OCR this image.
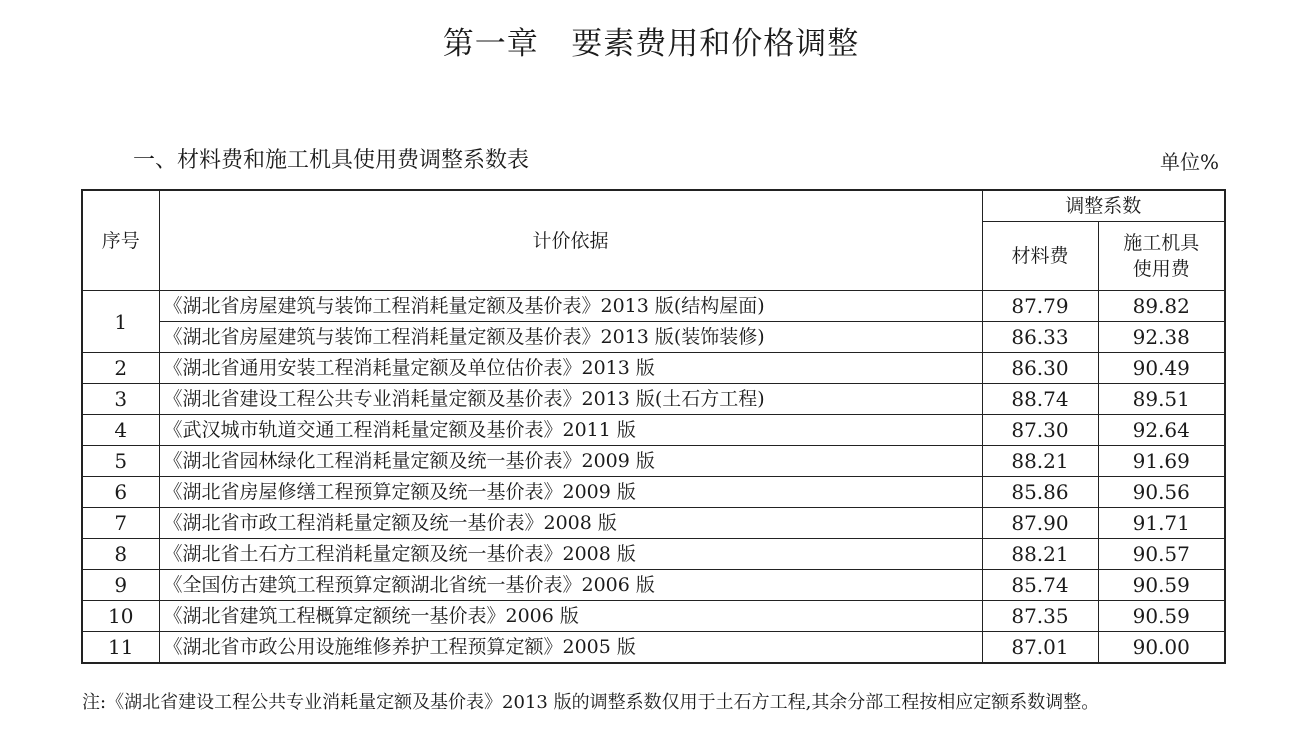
第一章   要素费用和价格调整
一、材料费和施工机具使用费调整系数表	单位%
序号	计价依据	调整系数	
		材料费	施工机具
使用费

1	《湖北省房屋建筑与装饰工程消耗量定额及基价表》2013 版(结构屋面)	87.79	89.82
	《湖北省房屋建筑与装饰工程消耗量定额及基价表》2013 版(装饰装修)	86.33	92.38
2	《湖北省通用安装工程消耗量定额及单位估价表》2013 版	86.30	90.49
3	《湖北省建设工程公共专业消耗量定额及基价表》2013 版(土石方工程)	88.74	89.51
4	《武汉城市轨道交通工程消耗量定额及基价表》2011 版	87.30	92.64
5	《湖北省园林绿化工程消耗量定额及统一基价表》2009 版	88.21	91.69
6	《湖北省房屋修缮工程预算定额及统一基价表》2009 版	85.86	90.56
7	《湖北省市政工程消耗量定额及统一基价表》2008 版	87.90	91.71
8	《湖北省土石方工程消耗量定额及统一基价表》2008 版	88.21	90.57
9	《全国仿古建筑工程预算定额湖北省统一基价表》2006 版	85.74	90.59
10	《湖北省建筑工程概算定额统一基价表》2006 版	87.35	90.59
11	《湖北省市政公用设施维修养护工程预算定额》2005 版	87.01	90.00
注:《湖北省建设工程公共专业消耗量定额及基价表》2013 版的调整系数仅用于土石方工程,其余分部工程按相应定额系数调整。
